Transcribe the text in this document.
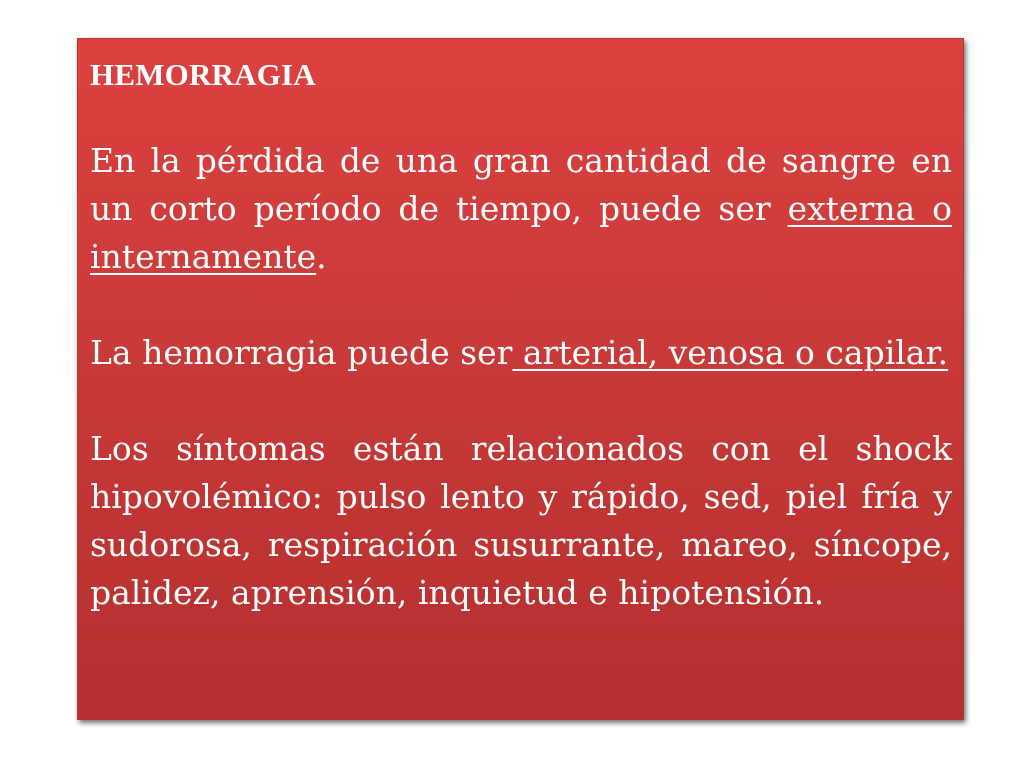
HEMORRAGIA

En la pérdida de una gran cantidad de sangre en un corto período de tiempo, puede ser externa o internamente.

La hemorragia puede ser arterial, venosa o capilar.

Los síntomas están relacionados con el shock hipovolémico: pulso lento y rápido, sed, piel fría y sudorosa, respiración susurrante, mareo, síncope, palidez, aprensión, inquietud e hipotensión.
